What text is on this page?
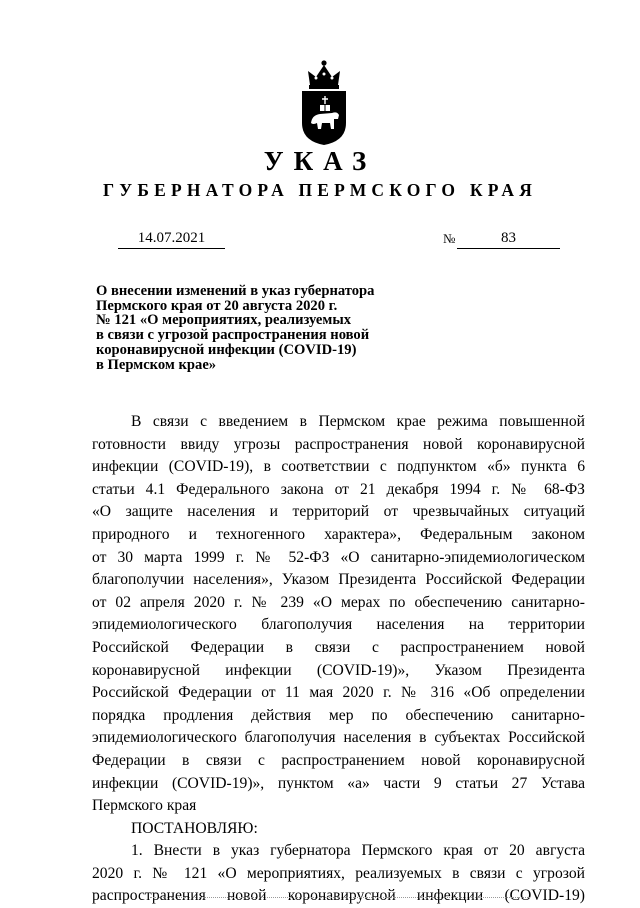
УКАЗ
ГУБЕРНАТОРА ПЕРМСКОГО КРАЯ
14.07.2021	№	83
О внесении изменений в указ губернатора
Пермского края от 20 августа 2020 г.
№ 121 «О мероприятиях, реализуемых
в связи с угрозой распространения новой
коронавирусной инфекции (COVID-19)
в Пермском крае»
В связи с введением в Пермском крае режима повышенной
готовности ввиду угрозы распространения новой коронавирусной
инфекции (COVID-19), в соответствии с подпунктом «б» пункта 6
статьи 4.1 Федерального закона от 21 декабря 1994 г. № 68-ФЗ
«О защите населения и территорий от чрезвычайных ситуаций
природного и техногенного характера», Федеральным законом
от 30 марта 1999 г. № 52-ФЗ «О санитарно-эпидемиологическом
благополучии населения», Указом Президента Российской Федерации
от 02 апреля 2020 г. № 239 «О мерах по обеспечению санитарно-
эпидемиологического благополучия населения на территории
Российской Федерации в связи с распространением новой
коронавирусной инфекции (COVID-19)», Указом Президента
Российской Федерации от 11 мая 2020 г. № 316 «Об определении
порядка продления действия мер по обеспечению санитарно-
эпидемиологического благополучия населения в субъектах Российской
Федерации в связи с распространением новой коронавирусной
инфекции (COVID-19)», пунктом «а» части 9 статьи 27 Устава
Пермского края
ПОСТАНОВЛЯЮ:
1. Внести в указ губернатора Пермского края от 20 августа
2020 г. № 121 «О мероприятиях, реализуемых в связи с угрозой
распространения новой коронавирусной инфекции (COVID-19)
